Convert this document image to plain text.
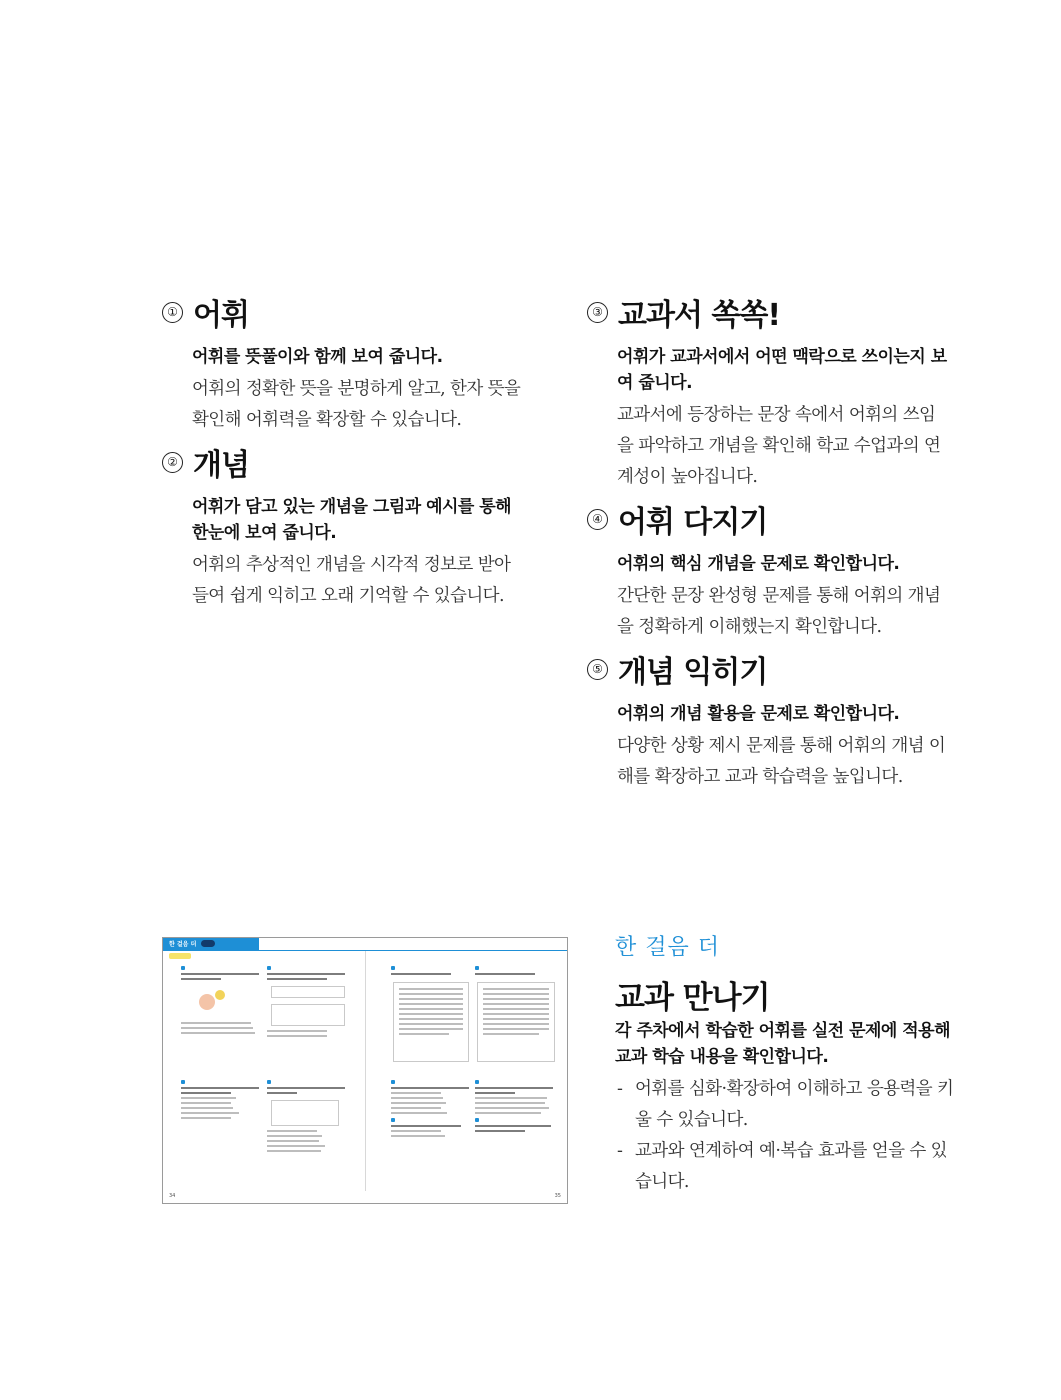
① 어휘
어휘를 뜻풀이와 함께 보여 줍니다.
어휘의 정확한 뜻을 분명하게 알고, 한자 뜻을 확인해 어휘력을 확장할 수 있습니다.
② 개념
어휘가 담고 있는 개념을 그림과 예시를 통해 한눈에 보여 줍니다.
어휘의 추상적인 개념을 시각적 정보로 받아들여 쉽게 익히고 오래 기억할 수 있습니다.
③ 교과서 쏙쏙!
어휘가 교과서에서 어떤 맥락으로 쓰이는지 보여 줍니다.
교과서에 등장하는 문장 속에서 어휘의 쓰임을 파악하고 개념을 확인해 학교 수업과의 연계성이 높아집니다.
④ 어휘 다지기
어휘의 핵심 개념을 문제로 확인합니다.
간단한 문장 완성형 문제를 통해 어휘의 개념을 정확하게 이해했는지 확인합니다.
⑤ 개념 익히기
어휘의 개념 활용을 문제로 확인합니다.
다양한 상황 제시 문제를 통해 어휘의 개념 이해를 확장하고 교과 학습력을 높입니다.
한 걸음 더
34	35
한 걸음 더
교과 만나기
각 주차에서 학습한 어휘를 실전 문제에 적용해 교과 학습 내용을 확인합니다.
- 어휘를 심화·확장하여 이해하고 응용력을 키울 수 있습니다.
- 교과와 연계하여 예·복습 효과를 얻을 수 있습니다.
